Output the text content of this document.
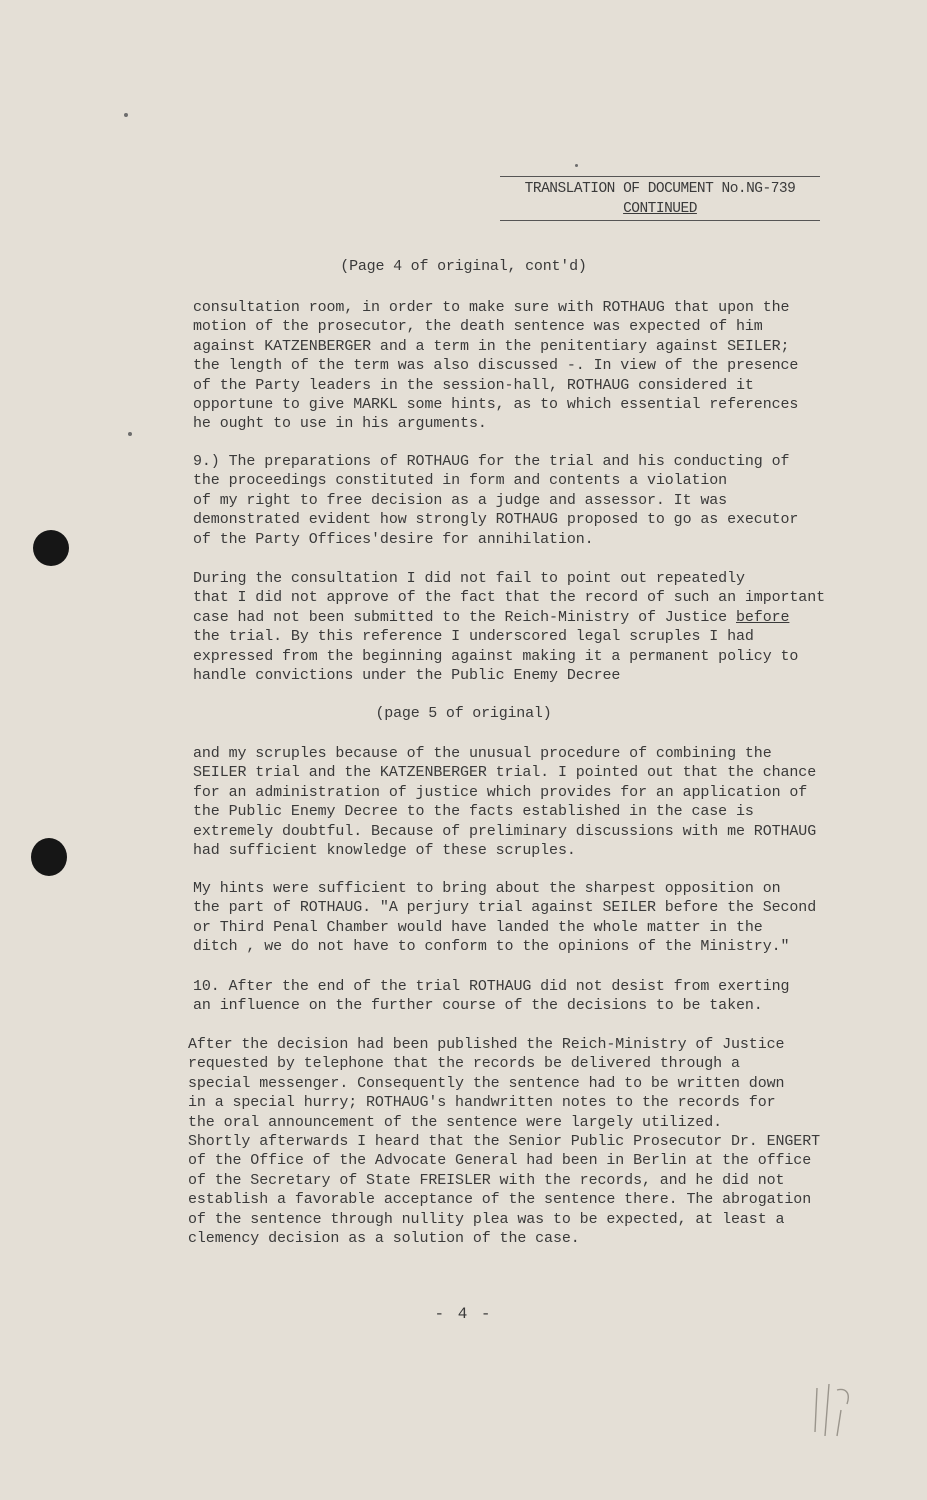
TRANSLATION OF DOCUMENT No.NG-739
CONTINUED
(Page 4 of original, cont'd)
consultation room, in order to make sure with ROTHAUG that upon the
motion of the prosecutor, the death sentence was expected of him
against KATZENBERGER and a term in the penitentiary against SEILER;
the length of the term was also discussed -. In view of the presence
of the Party leaders in the session-hall, ROTHAUG considered it
opportune to give MARKL some hints, as to which essential references
he ought to use in his arguments.
9.) The preparations of ROTHAUG for the trial and his conducting of
the proceedings constituted in form and contents a violation
of my right to free decision as a judge and assessor. It was
demonstrated evident how strongly ROTHAUG proposed to go as executor
of the Party Offices'desire for annihilation.
During the consultation I did not fail to point out repeatedly
that I did not approve of the fact that the record of such an important
case had not been submitted to the Reich-Ministry of Justice before
the trial. By this reference I underscored legal scruples I had
expressed from the beginning against making it a permanent policy to
handle convictions under the Public Enemy Decree
(page 5 of original)
and my scruples because of the unusual procedure of combining the
SEILER trial and the KATZENBERGER trial. I pointed out that the chance
for an administration of justice which provides for an application of
the Public Enemy Decree to the facts established in the case is
extremely doubtful. Because of preliminary discussions with me ROTHAUG
had sufficient knowledge of these scruples.
My hints were sufficient to bring about the sharpest opposition on
the part of ROTHAUG. "A perjury trial against SEILER before the Second
or Third Penal Chamber would have landed the whole matter in the
ditch , we do not have to conform to the opinions of the Ministry."
10. After the end of the trial ROTHAUG did not desist from exerting
an influence on the further course of the decisions to be taken.
After the decision had been published the Reich-Ministry of Justice
requested by telephone that the records be delivered through a
special messenger. Consequently the sentence had to be written down
in a special hurry; ROTHAUG's handwritten notes to the records for
the oral announcement of the sentence were largely utilized.
Shortly afterwards I heard that the Senior Public Prosecutor Dr. ENGERT
of the Office of the Advocate General had been in Berlin at the office
of the Secretary of State FREISLER with the records, and he did not
establish a favorable acceptance of the sentence there. The abrogation
of the sentence through nullity plea was to be expected, at least a
clemency decision as a solution of the case.
- 4 -
